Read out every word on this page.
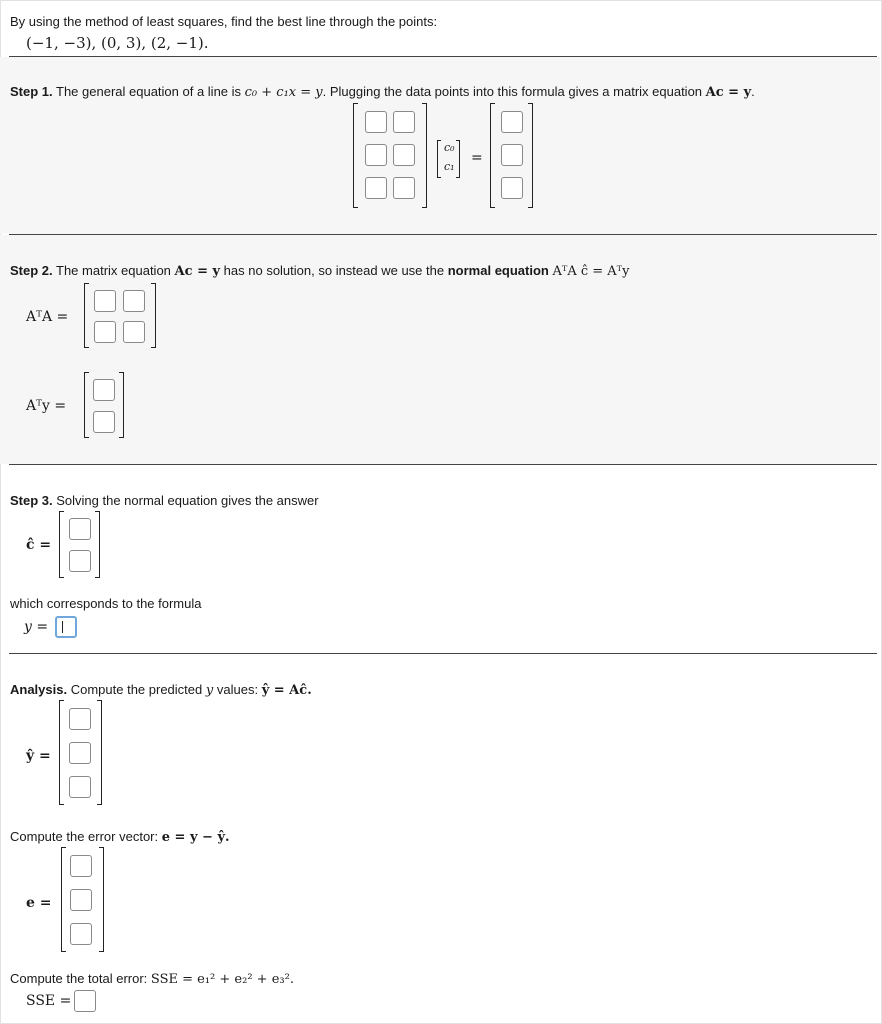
By using the method of least squares, find the best line through the points:
(−1, −3), (0, 3), (2, −1).
Step 1. The general equation of a line is c₀ + c₁x = y. Plugging the data points into this formula gives a matrix equation Ac = y.
c₀
c₁
=
Step 2. The matrix equation Ac = y has no solution, so instead we use the normal equation AᵀA ĉ = Aᵀy
AᵀA =
Aᵀy =
Step 3. Solving the normal equation gives the answer
ĉ =
which corresponds to the formula
y =
Analysis. Compute the predicted y values: ŷ = Aĉ.
ŷ =
Compute the error vector: e = y − ŷ.
e =
Compute the total error: SSE = e₁² + e₂² + e₃².
SSE =
